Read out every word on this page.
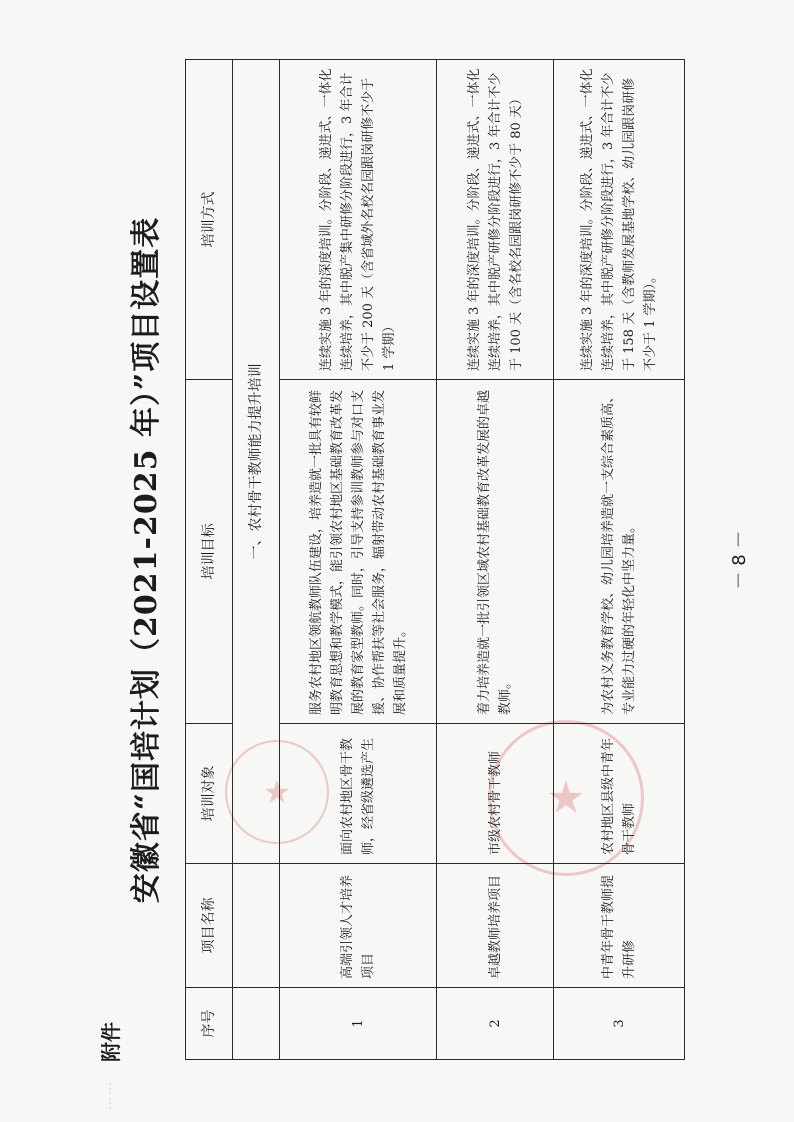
……
★
★
附件
安徽省“国培计划（2021-2025 年）”项目设置表
序号	项目名称	培训对象	培训目标	培训方式
		一、农村骨干教师能力提升培训		
1	高端引领人才培养项目	面向农村地区骨干教师，经省级遴选产生	服务农村地区领航教师队伍建设，培养造就一批具有较鲜明教育思想和教学模式，能引领农村地区基础教育改革发展的教育家型教师。同时，引导支持参训教师参与对口支援、协作帮扶等社会服务，辐射带动农村基础教育事业发展和质量提升。	连续实施 3 年的深度培训。分阶段、递进式、一体化连续培养，其中脱产集中研修分阶段进行，3 年合计不少于 200 天（含省域外名校名园跟岗研修不少于 1 学期）
2	卓越教师培养项目	市级农村骨干教师	着力培养造就一批引领区域农村基础教育改革发展的卓越教师。	连续实施 3 年的深度培训。分阶段、递进式、一体化连续培养，其中脱产研修分阶段进行，3 年合计不少于 100 天（含名校名园跟岗研修不少于 80 天）
3	中青年骨干教师提升研修	农村地区县级中青年骨干教师	为农村义务教育学校、幼儿园培养造就一支综合素质高、专业能力过硬的年轻化中坚力量。	连续实施 3 年的深度培训。分阶段、递进式、一体化连续培养，其中脱产研修分阶段进行，3 年合计不少于 158 天（含教师发展基地学校、幼儿园跟岗研修不少于 1 学期）。
－ 8 －
